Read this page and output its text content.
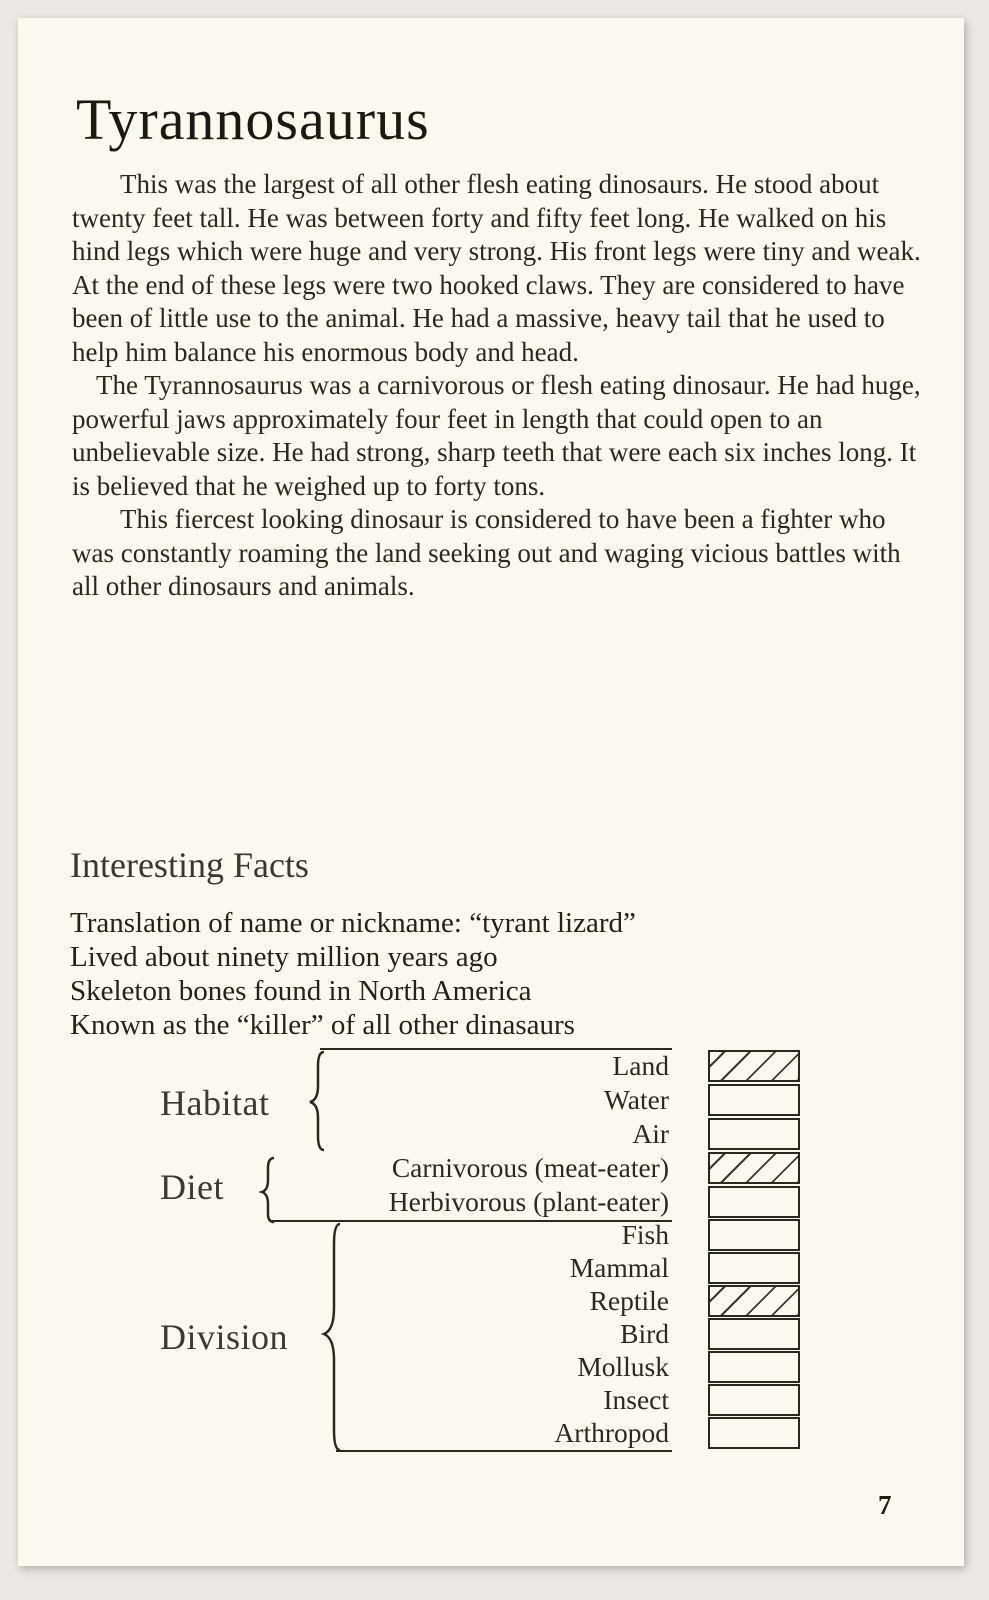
Tyrannosaurus

This was the largest of all other flesh eating dinosaurs. He stood about twenty feet tall. He was between forty and fifty feet long. He walked on his hind legs which were huge and very strong. His front legs were tiny and weak. At the end of these legs were two hooked claws. They are considered to have been of little use to the animal. He had a massive, heavy tail that he used to help him balance his enormous body and head.

The Tyrannosaurus was a carnivorous or flesh eating dinosaur. He had huge, powerful jaws approximately four feet in length that could open to an unbelievable size. He had strong, sharp teeth that were each six inches long. It is believed that he weighed up to forty tons.

This fiercest looking dinosaur is considered to have been a fighter who was constantly roaming the land seeking out and waging vicious battles with all other dinosaurs and animals.

Interesting Facts
Translation of name or nickname: “tyrant lizard”
Lived about ninety million years ago
Skeleton bones found in North America
Known as the “killer” of all other dinasaurs
Habitat
Diet
Division
Land
Water
Air
Carnivorous (meat-eater)
Herbivorous (plant-eater)
Fish
Mammal
Reptile
Bird
Mollusk
Insect
Arthropod
7
